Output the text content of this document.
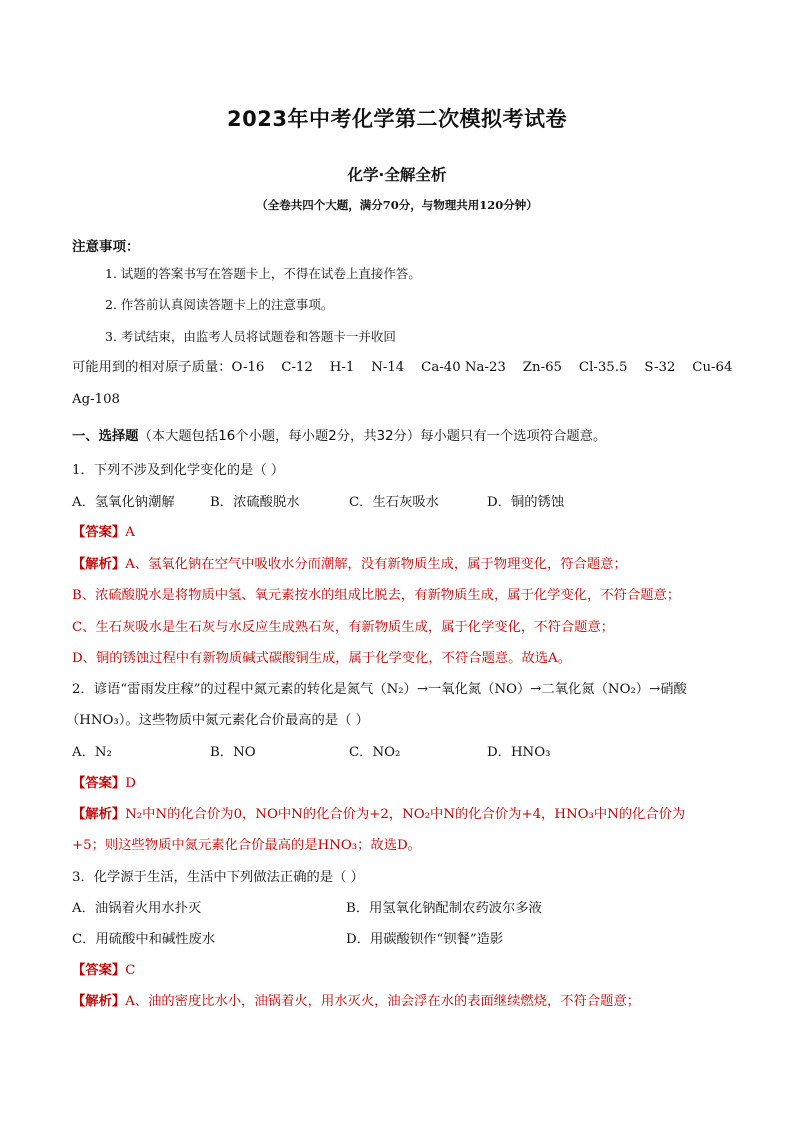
2023年中考化学第二次模拟考试卷
化学·全解全析
（全卷共四个大题，满分70分，与物理共用120分钟）
注意事项：
1. 试题的答案书写在答题卡上，不得在试卷上直接作答。
2. 作答前认真阅读答题卡上的注意事项。
3. 考试结束，由监考人员将试题卷和答题卡一并收回
可能用到的相对原子质量：O-16    C-12    H-1    N-14    Ca-40 Na-23    Zn-65    Cl-35.5    S-32    Cu-64
Ag-108
一、选择题（本大题包括16个小题，每小题2分，共32分）每小题只有一个选项符合题意。
1．下列不涉及到化学变化的是（ ）
A．氢氧化钠潮解	B．浓硫酸脱水	C．生石灰吸水	D．铜的锈蚀
【答案】A
【解析】A、氢氧化钠在空气中吸收水分而潮解，没有新物质生成，属于物理变化，符合题意；
B、浓硫酸脱水是将物质中氢、氧元素按水的组成比脱去，有新物质生成，属于化学变化，不符合题意；
C、生石灰吸水是生石灰与水反应生成熟石灰，有新物质生成，属于化学变化，不符合题意；
D、铜的锈蚀过程中有新物质碱式碳酸铜生成，属于化学变化，不符合题意。故选A。
2．谚语“雷雨发庄稼”的过程中氮元素的转化是氮气（N₂）→一氧化氮（NO）→二氧化氮（NO₂）→硝酸
（HNO₃）。这些物质中氮元素化合价最高的是（ ）
A．N₂	B．NO	C．NO₂	D．HNO₃
【答案】D
【解析】N₂中N的化合价为0，NO中N的化合价为+2，NO₂中N的化合价为+4，HNO₃中N的化合价为
+5；则这些物质中氮元素化合价最高的是HNO₃；故选D。
3．化学源于生活，生活中下列做法正确的是（ ）
A．油锅着火用水扑灭	B．用氢氧化钠配制农药波尔多液
C．用硫酸中和碱性废水	D．用碳酸钡作“钡餐”造影
【答案】C
【解析】A、油的密度比水小，油锅着火，用水灭火，油会浮在水的表面继续燃烧，不符合题意；
